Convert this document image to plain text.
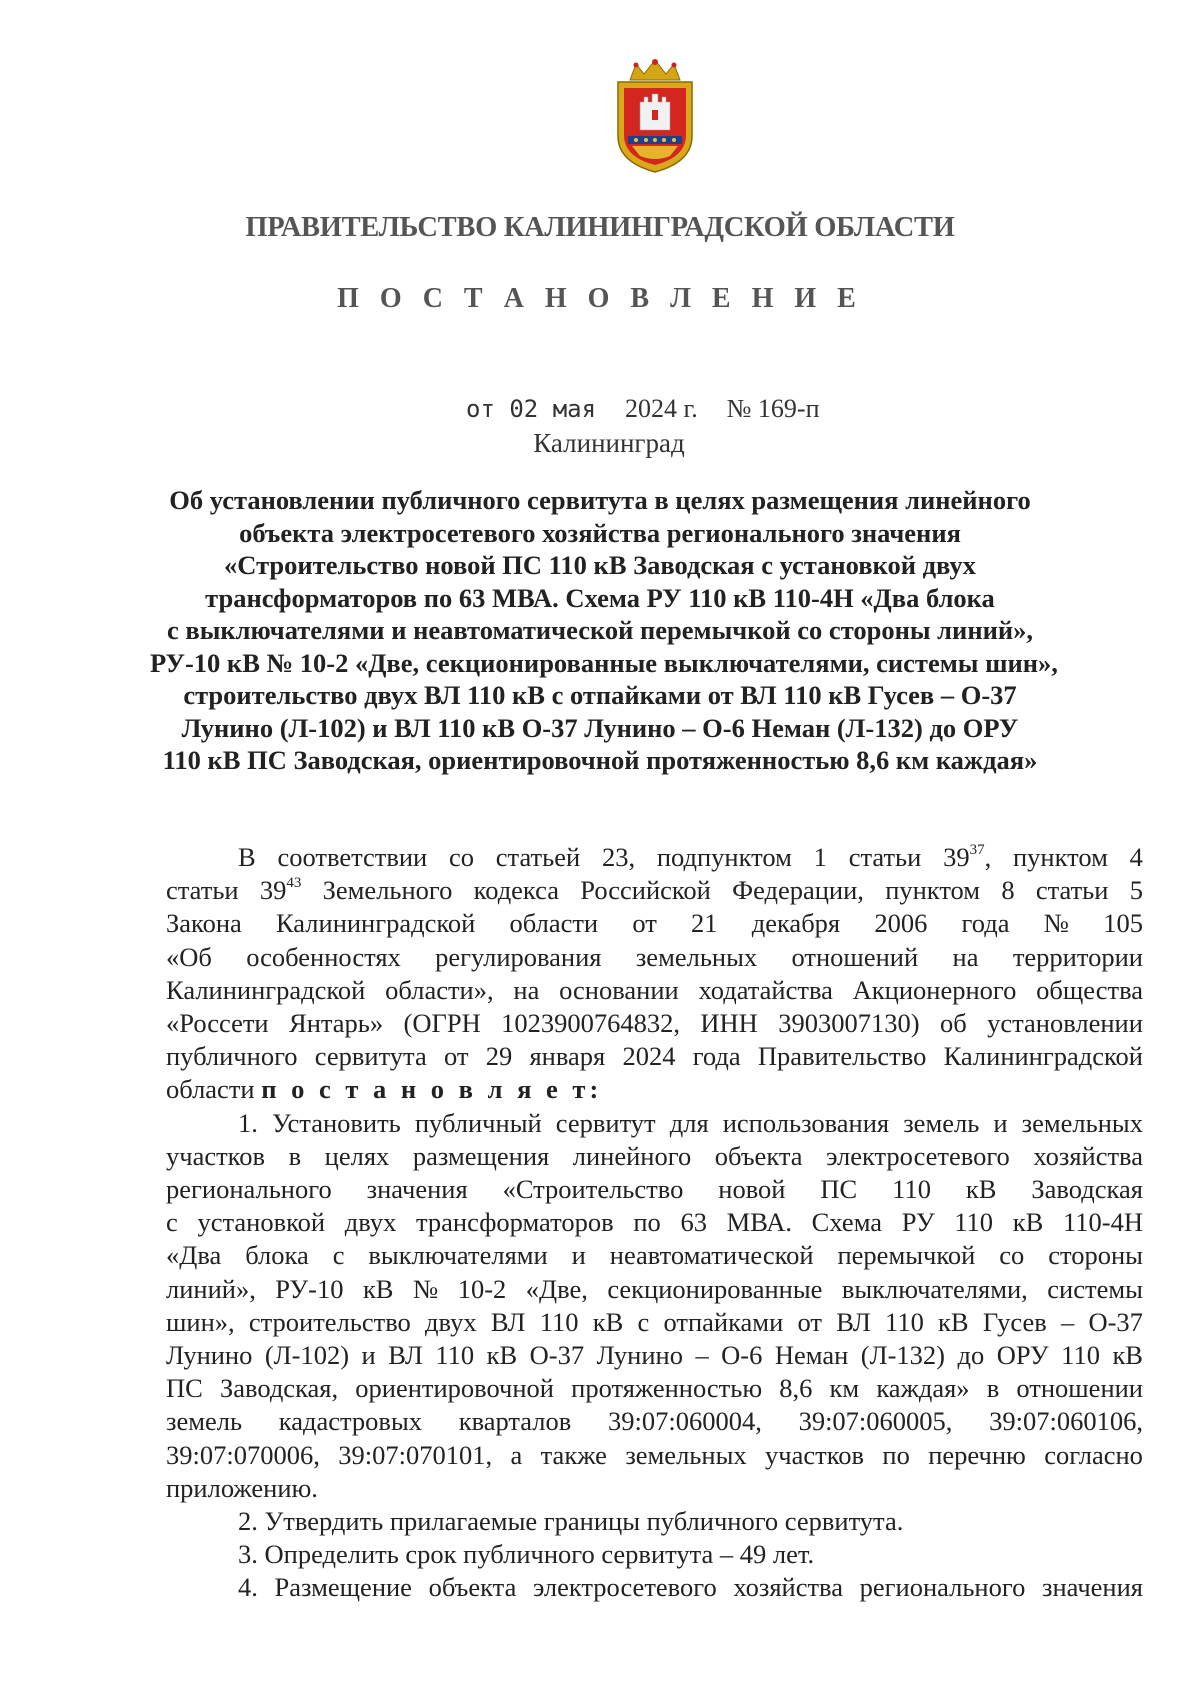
ПРАВИТЕЛЬСТВО КАЛИНИНГРАДСКОЙ ОБЛАСТИ
П О С Т А Н О В Л Е Н И Е
от 02 мая 2024 г. № 169-п
Калининград
Об установлении публичного сервитута в целях размещения линейного
объекта электросетевого хозяйства регионального значения
«Строительство новой ПС 110 кВ Заводская с установкой двух
трансформаторов по 63 МВА. Схема РУ 110 кВ 110-4Н «Два блока
с выключателями и неавтоматической перемычкой со стороны линий»,
РУ-10 кВ № 10-2 «Две, секционированные выключателями, системы шин»,
строительство двух ВЛ 110 кВ с отпайками от ВЛ 110 кВ Гусев – О-37
Лунино (Л-102) и ВЛ 110 кВ О-37 Лунино – О-6 Неман (Л-132) до ОРУ
110 кВ ПС Заводская, ориентировочной протяженностью 8,6 км каждая»
В соответствии со статьей 23, подпунктом 1 статьи $39^{37}$, пунктом 4
статьи $39^{43}$ Земельного кодекса Российской Федерации, пунктом 8 статьи 5
Закона Калининградской области от 21 декабря 2006 года № 105
«Об особенностях регулирования земельных отношений на территории
Калининградской области», на основании ходатайства Акционерного общества
«Россети Янтарь» (ОГРН 1023900764832, ИНН 3903007130) об установлении
публичного сервитута от 29 января 2024 года Правительство Калининградской
области п о с т а н о в л я е т:
1. Установить публичный сервитут для использования земель и земельных
участков в целях размещения линейного объекта электросетевого хозяйства
регионального значения «Строительство новой ПС 110 кВ Заводская
с установкой двух трансформаторов по 63 МВА. Схема РУ 110 кВ 110-4Н
«Два блока с выключателями и неавтоматической перемычкой со стороны
линий», РУ-10 кВ № 10-2 «Две, секционированные выключателями, системы
шин», строительство двух ВЛ 110 кВ с отпайками от ВЛ 110 кВ Гусев – О-37
Лунино (Л-102) и ВЛ 110 кВ О-37 Лунино – О-6 Неман (Л-132) до ОРУ 110 кВ
ПС Заводская, ориентировочной протяженностью 8,6 км каждая» в отношении
земель кадастровых кварталов 39:07:060004, 39:07:060005, 39:07:060106,
39:07:070006, 39:07:070101, а также земельных участков по перечню согласно
приложению.
2. Утвердить прилагаемые границы публичного сервитута.
3. Определить срок публичного сервитута – 49 лет.
4. Размещение объекта электросетевого хозяйства регионального значения
